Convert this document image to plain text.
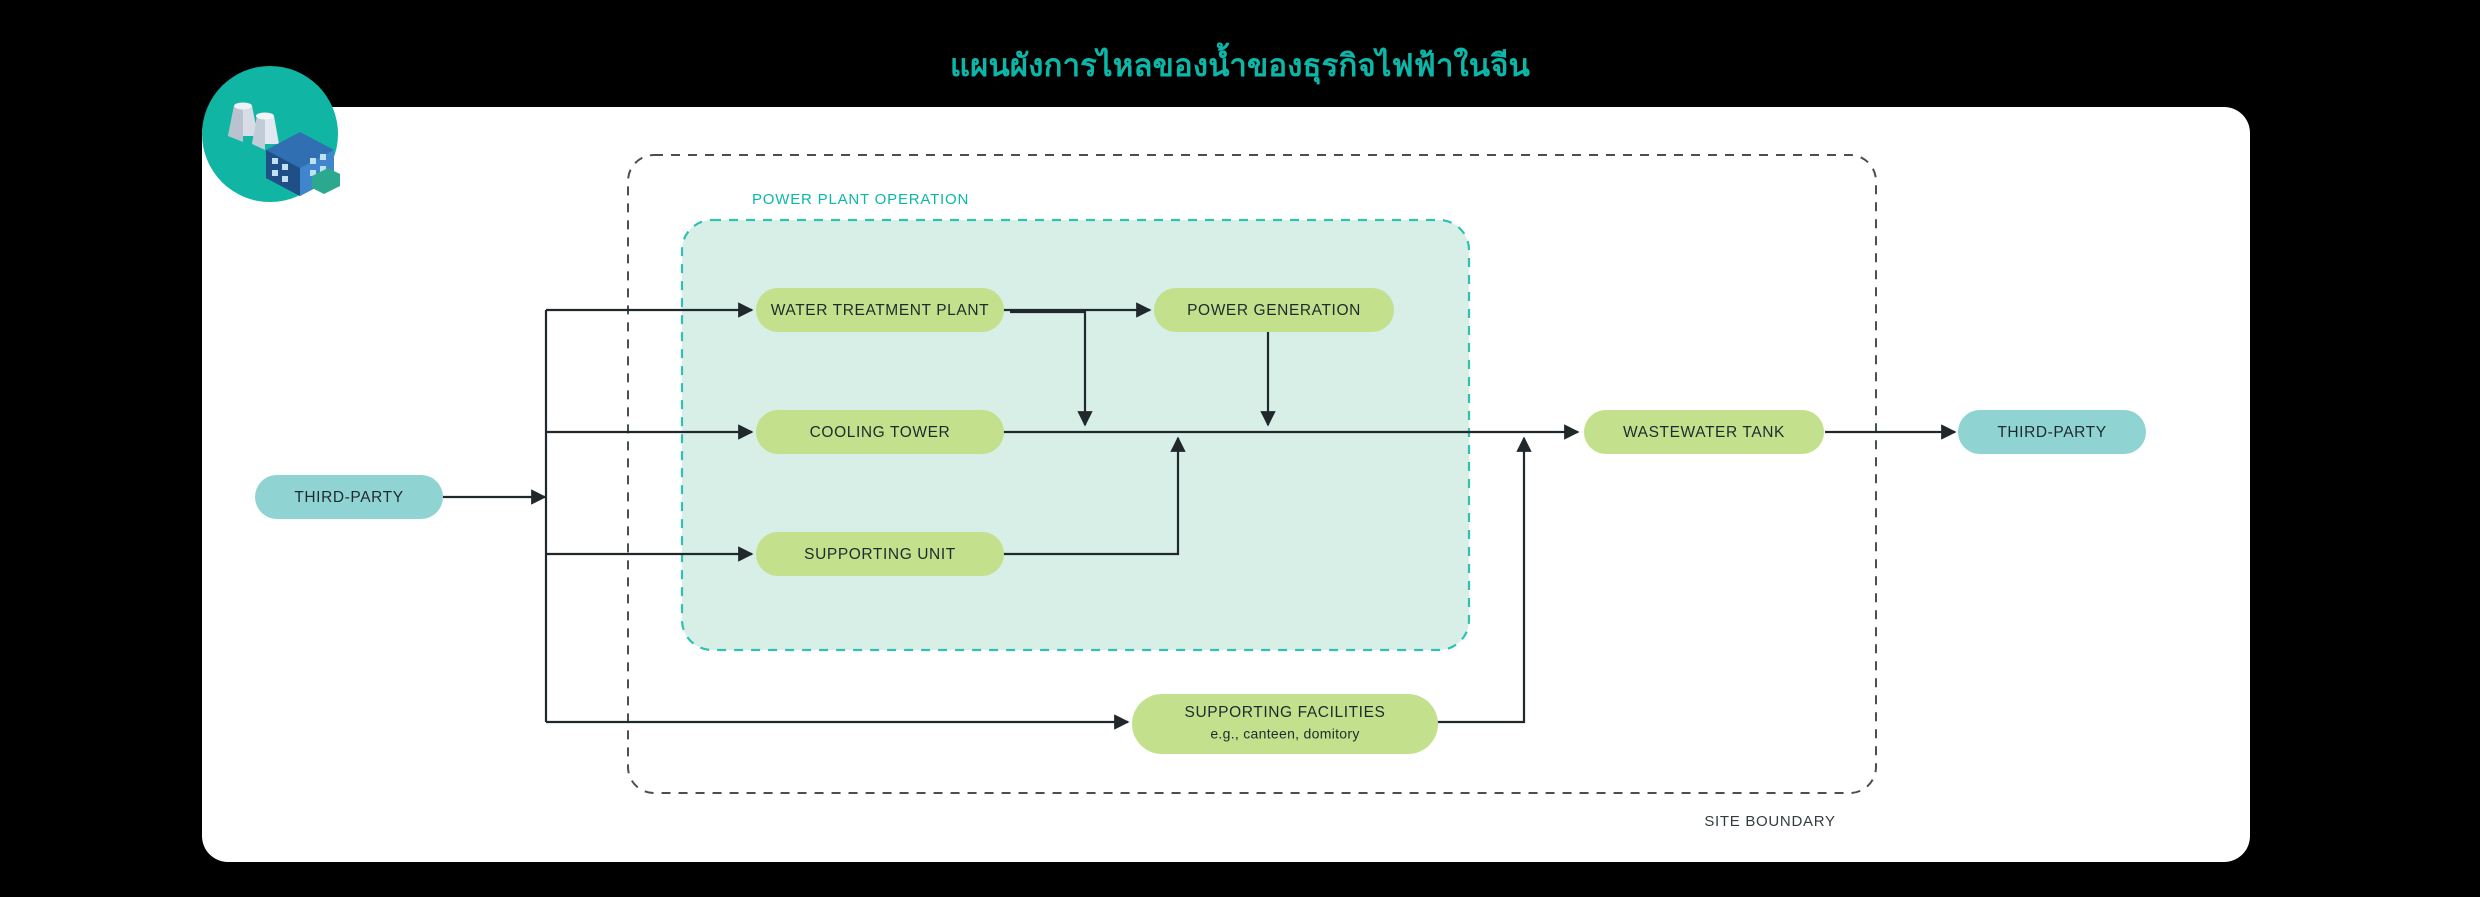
แผนผังการไหลของน้ำของธุรกิจไฟฟ้าในจีน
SITE BOUNDARY
POWER PLANT OPERATION
THIRD-PARTY
WATER TREATMENT PLANT	POWER GENERATION
COOLING TOWER
SUPPORTING UNIT
SUPPORTING FACILITIES
e.g., canteen, domitory
WASTEWATER TANK	THIRD-PARTY
